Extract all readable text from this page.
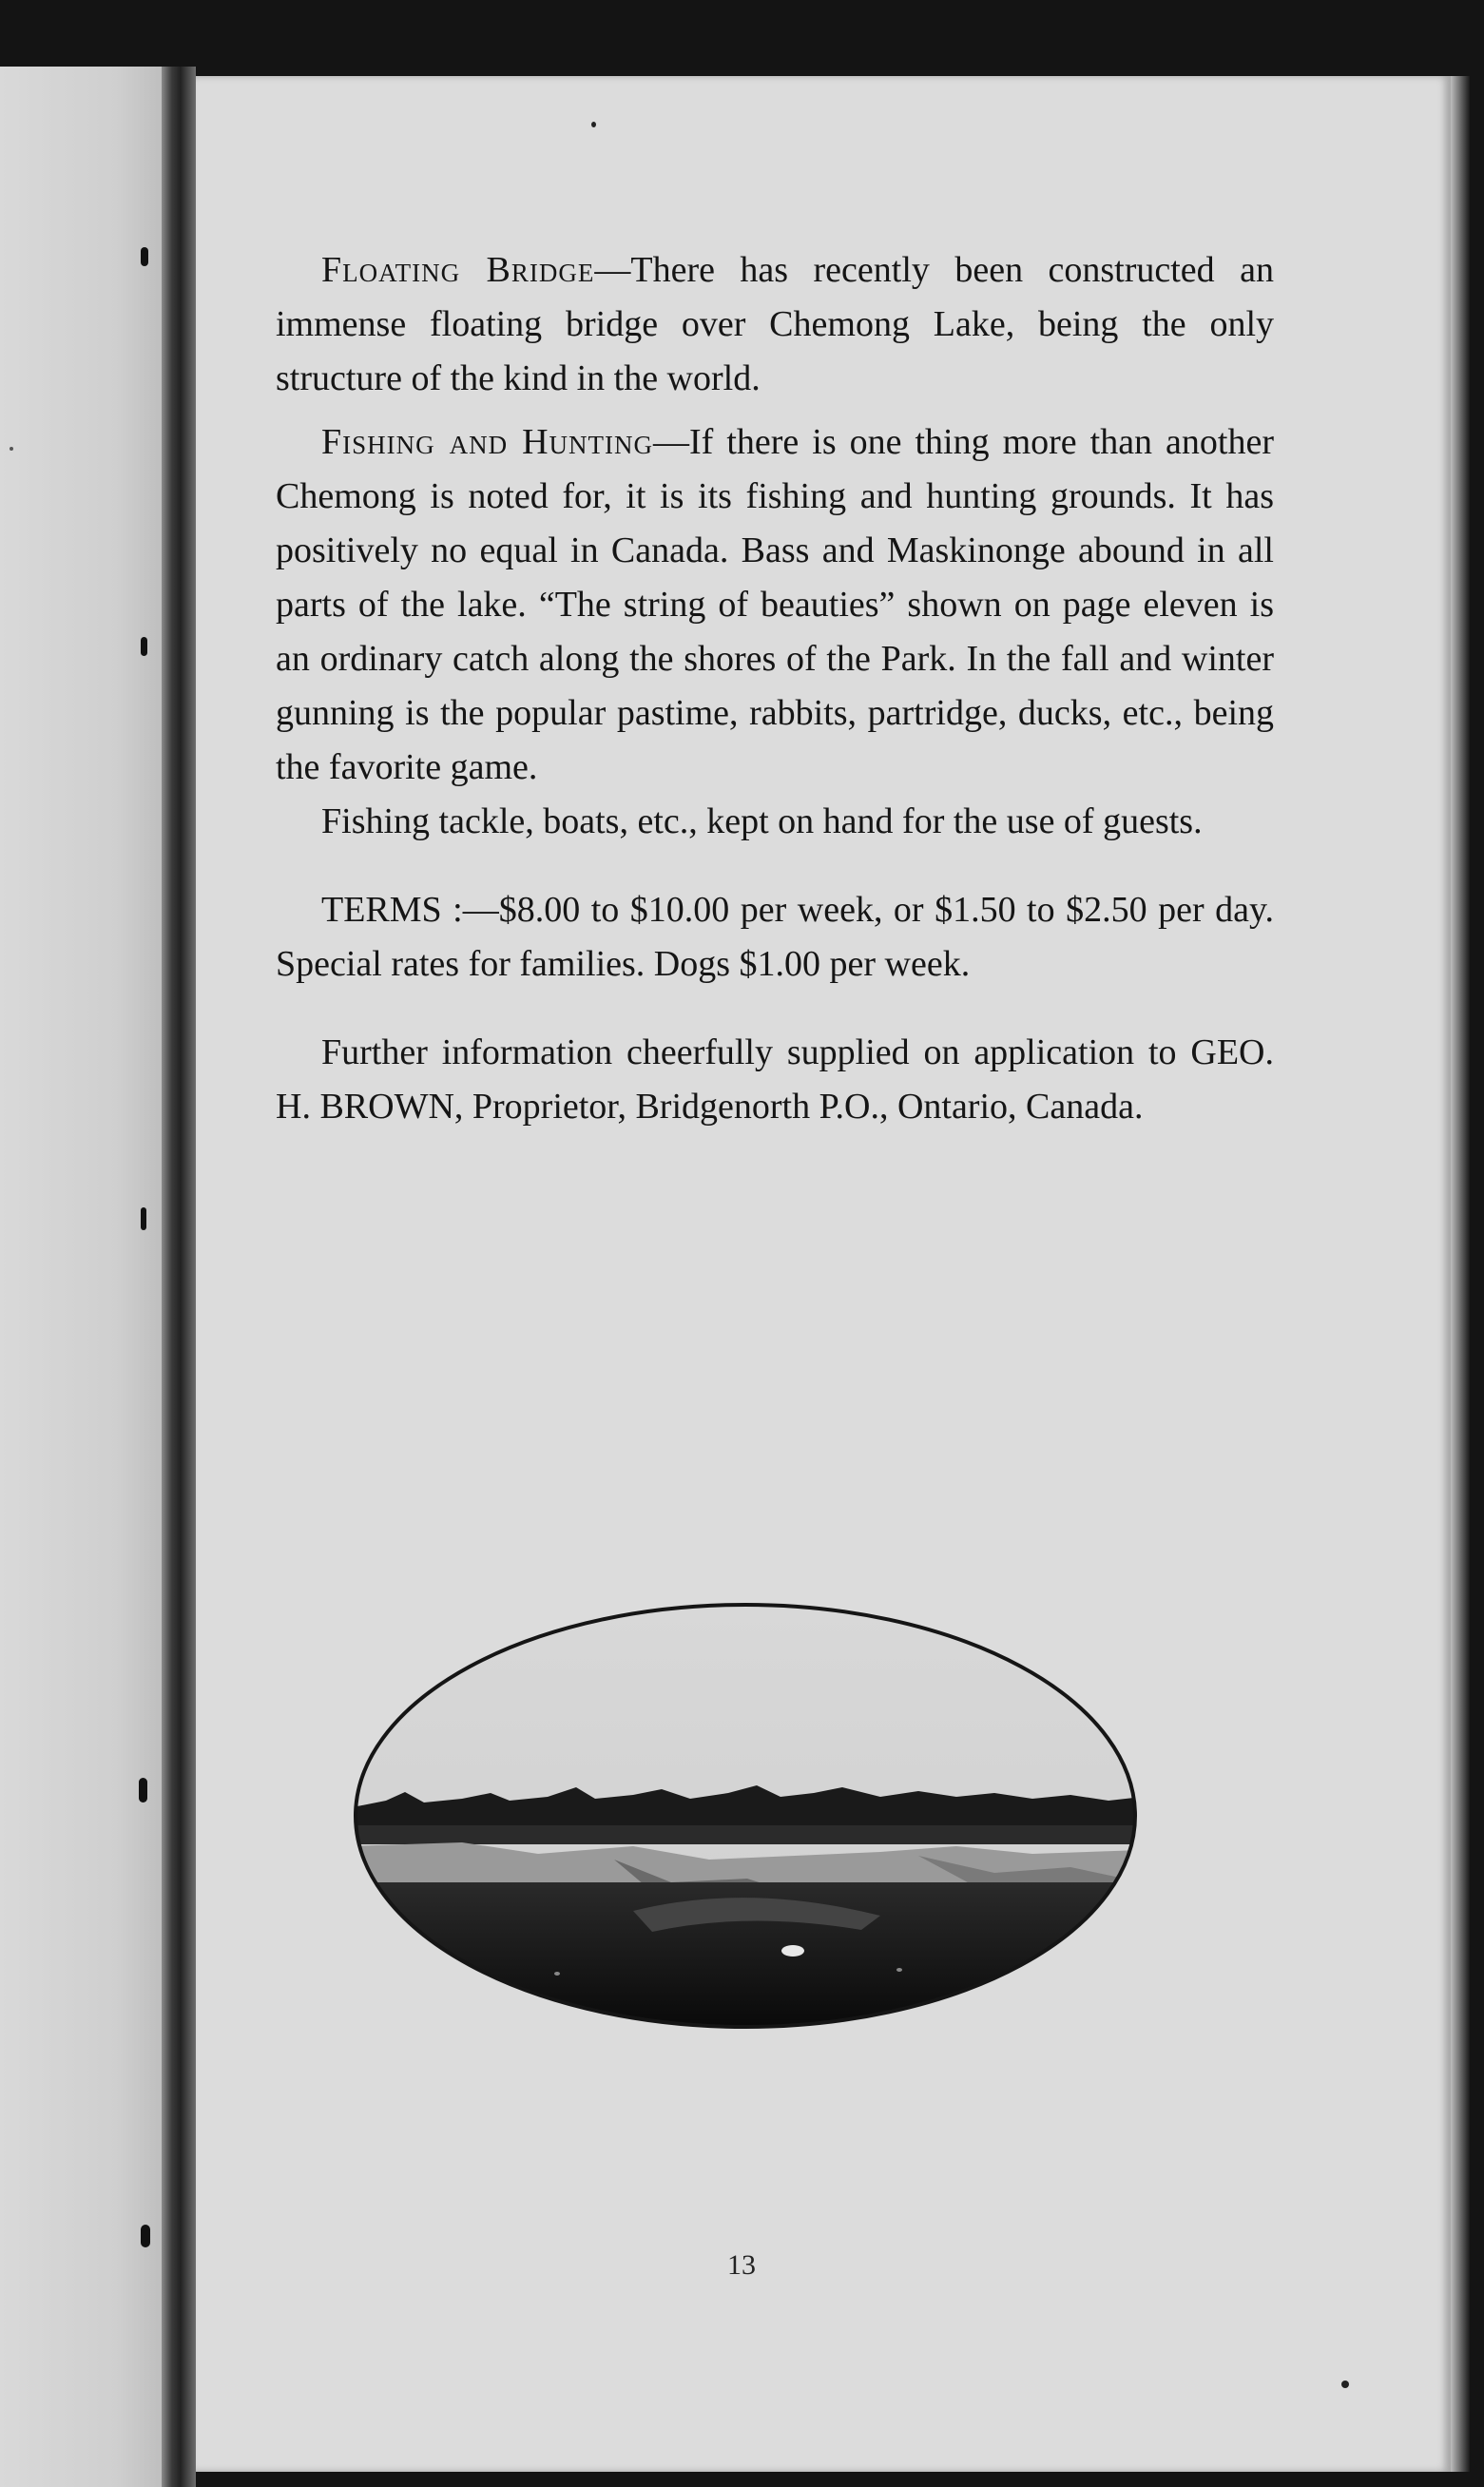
Floating Bridge—There has recently been constructed an immense floating bridge over Chemong Lake, being the only structure of the kind in the world.

Fishing and Hunting—If there is one thing more than another Chemong is noted for, it is its fishing and hunting grounds. It has positively no equal in Canada. Bass and Maskinonge abound in all parts of the lake. “The string of beauties” shown on page eleven is an ordinary catch along the shores of the Park. In the fall and winter gunning is the popular pastime, rabbits, partridge, ducks, etc., being the favorite game.

Fishing tackle, boats, etc., kept on hand for the use of guests.

TERMS :—$8.00 to $10.00 per week, or $1.50 to $2.50 per day. Special rates for families. Dogs $1.00 per week.

Further information cheerfully supplied on application to GEO. H. BROWN, Proprietor, Bridgenorth P.O., Ontario, Canada.

13
